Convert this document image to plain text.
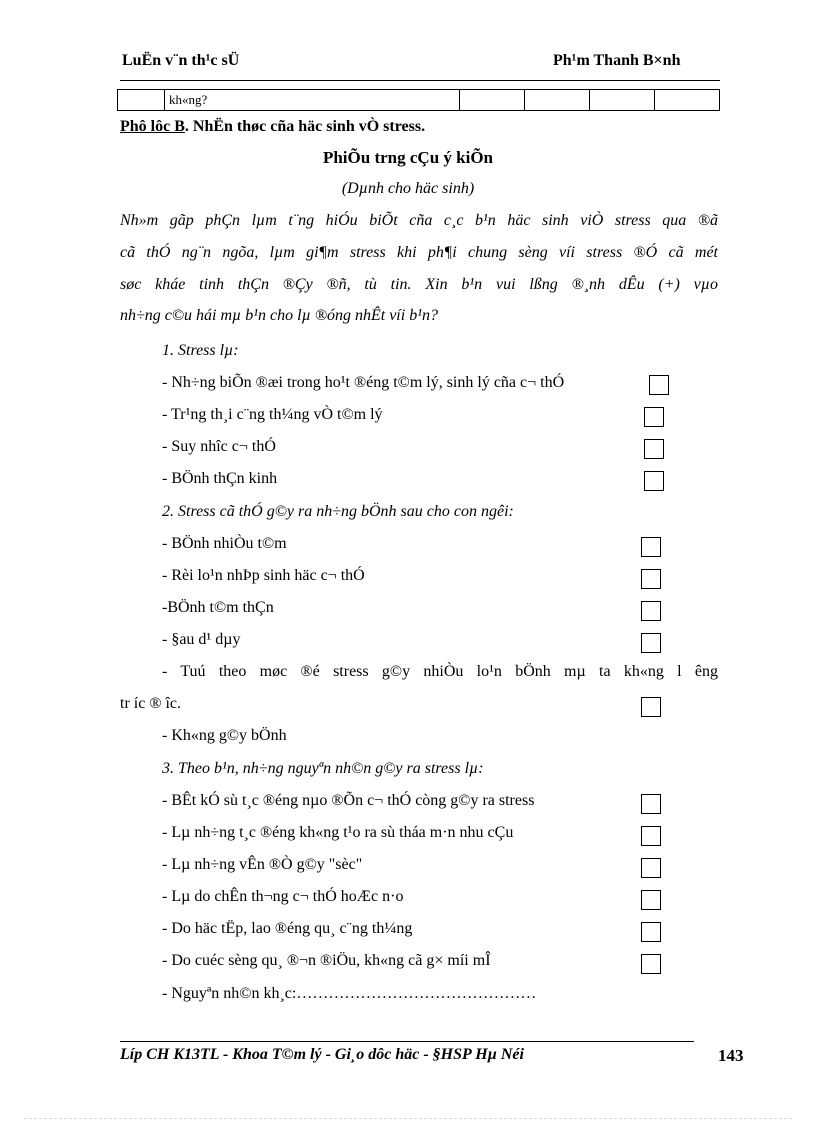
LuËn v¨n th¹c sÜ	Ph¹m Thanh B×nh
	kh«ng?				
Phô lôc B. NhËn thøc cña häc sinh vÒ stress.
PhiÕu trng cÇu ý kiÕn
(Dµnh cho häc sinh)
Nh»m gãp phÇn lµm t¨ng hiÓu biÕt cña c¸c b¹n häc sinh viÒ stress qua ®ã
cã thÓ ng¨n ngõa, lµm gi¶m stress khi ph¶i chung sèng víi stress ®Ó cã mét
søc kháe tinh thÇn ®Çy ®ñ, tù tin. Xin b¹n vui lßng ®¸nh dÊu (+) vµo
nh÷ng c©u hái mµ b¹n cho lµ ®óng nhÊt víi b¹n?
1. Stress lµ:
- Nh÷ng biÕn ®æi trong ho¹t ®éng t©m lý, sinh lý cña c¬ thÓ
- Tr¹ng th¸i c¨ng th¼ng vÒ t©m lý
- Suy nhîc c¬ thÓ
- BÖnh thÇn kinh
2. Stress cã thÓ g©y ra nh÷ng bÖnh sau cho con ngêi:
- BÖnh nhiÒu t©m
- Rèi lo¹n nhÞp sinh häc c¬ thÓ
-BÖnh t©m thÇn
- §au d¹ dµy
- Tuú theo møc ®é stress g©y nhiÒu lo¹n bÖnh mµ ta kh«ng l êng
tr íc ® îc.
- Kh«ng g©y bÖnh
3. Theo b¹n, nh÷ng nguyªn nh©n g©y ra stress lµ:
- BÊt kÓ sù t¸c ®éng nµo ®Õn c¬ thÓ còng g©y ra stress
- Lµ nh÷ng t¸c ®éng kh«ng t¹o ra sù tháa m·n nhu cÇu
- Lµ nh÷ng vÊn ®Ò g©y "sèc"
- Lµ do chÊn th¬ng c¬ thÓ hoÆc n·o
- Do häc tËp, lao ®éng qu¸ c¨ng th¼ng
- Do cuéc sèng qu¸ ®¬n ®iÖu, kh«ng cã g× míi mÎ
- Nguyªn nh©n kh¸c:………………………………………
Líp CH K13TL - Khoa T©m lý - Gi¸o dôc häc - §HSP Hµ Néi	143
